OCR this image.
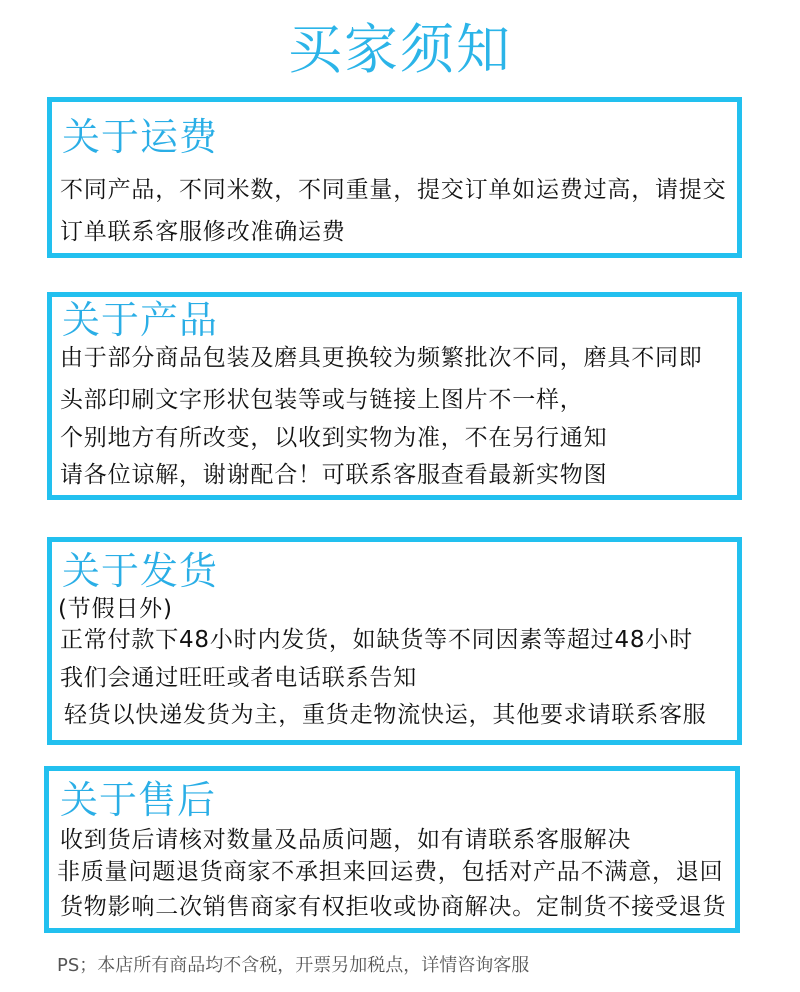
买家须知
关于运费
不同产品，不同米数，不同重量，提交订单如运费过高，请提交
订单联系客服修改准确运费
关于产品
由于部分商品包装及磨具更换较为频繁批次不同，磨具不同即
头部印刷文字形状包装等或与链接上图片不一样，
个别地方有所改变，以收到实物为准，不在另行通知
请各位谅解，谢谢配合！可联系客服查看最新实物图
关于发货
(节假日外)
正常付款下48小时内发货，如缺货等不同因素等超过48小时
我们会通过旺旺或者电话联系告知
轻货以快递发货为主，重货走物流快运，其他要求请联系客服
关于售后
收到货后请核对数量及品质问题，如有请联系客服解决
非质量问题退货商家不承担来回运费，包括对产品不满意，退回
货物影响二次销售商家有权拒收或协商解决。定制货不接受退货
PS；本店所有商品均不含税，开票另加税点，详情咨询客服
